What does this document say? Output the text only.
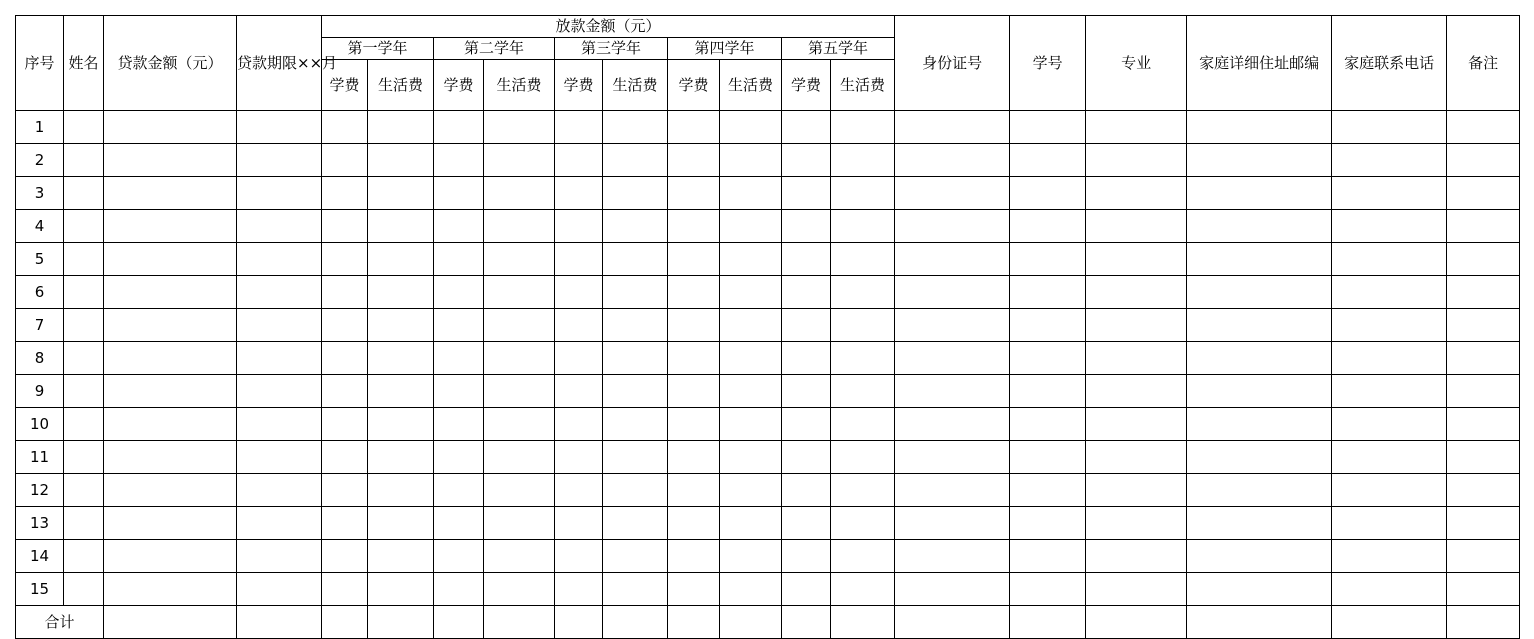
序号	姓名	贷款金额（元）	贷款期限××月	放款金额（元）										身份证号	学号	专业	家庭详细住址邮编	家庭联系电话	备注
				第一学年		第二学年		第三学年		第四学年		第五学年							
				学费	生活费	学费	生活费	学费	生活费	学费	生活费	学费	生活费						
1																			
2																			
3																			
4																			
5																			
6																			
7																			
8																			
9																			
10																			
11																			
12																			
13																			
14																			
15																			
合计																			
